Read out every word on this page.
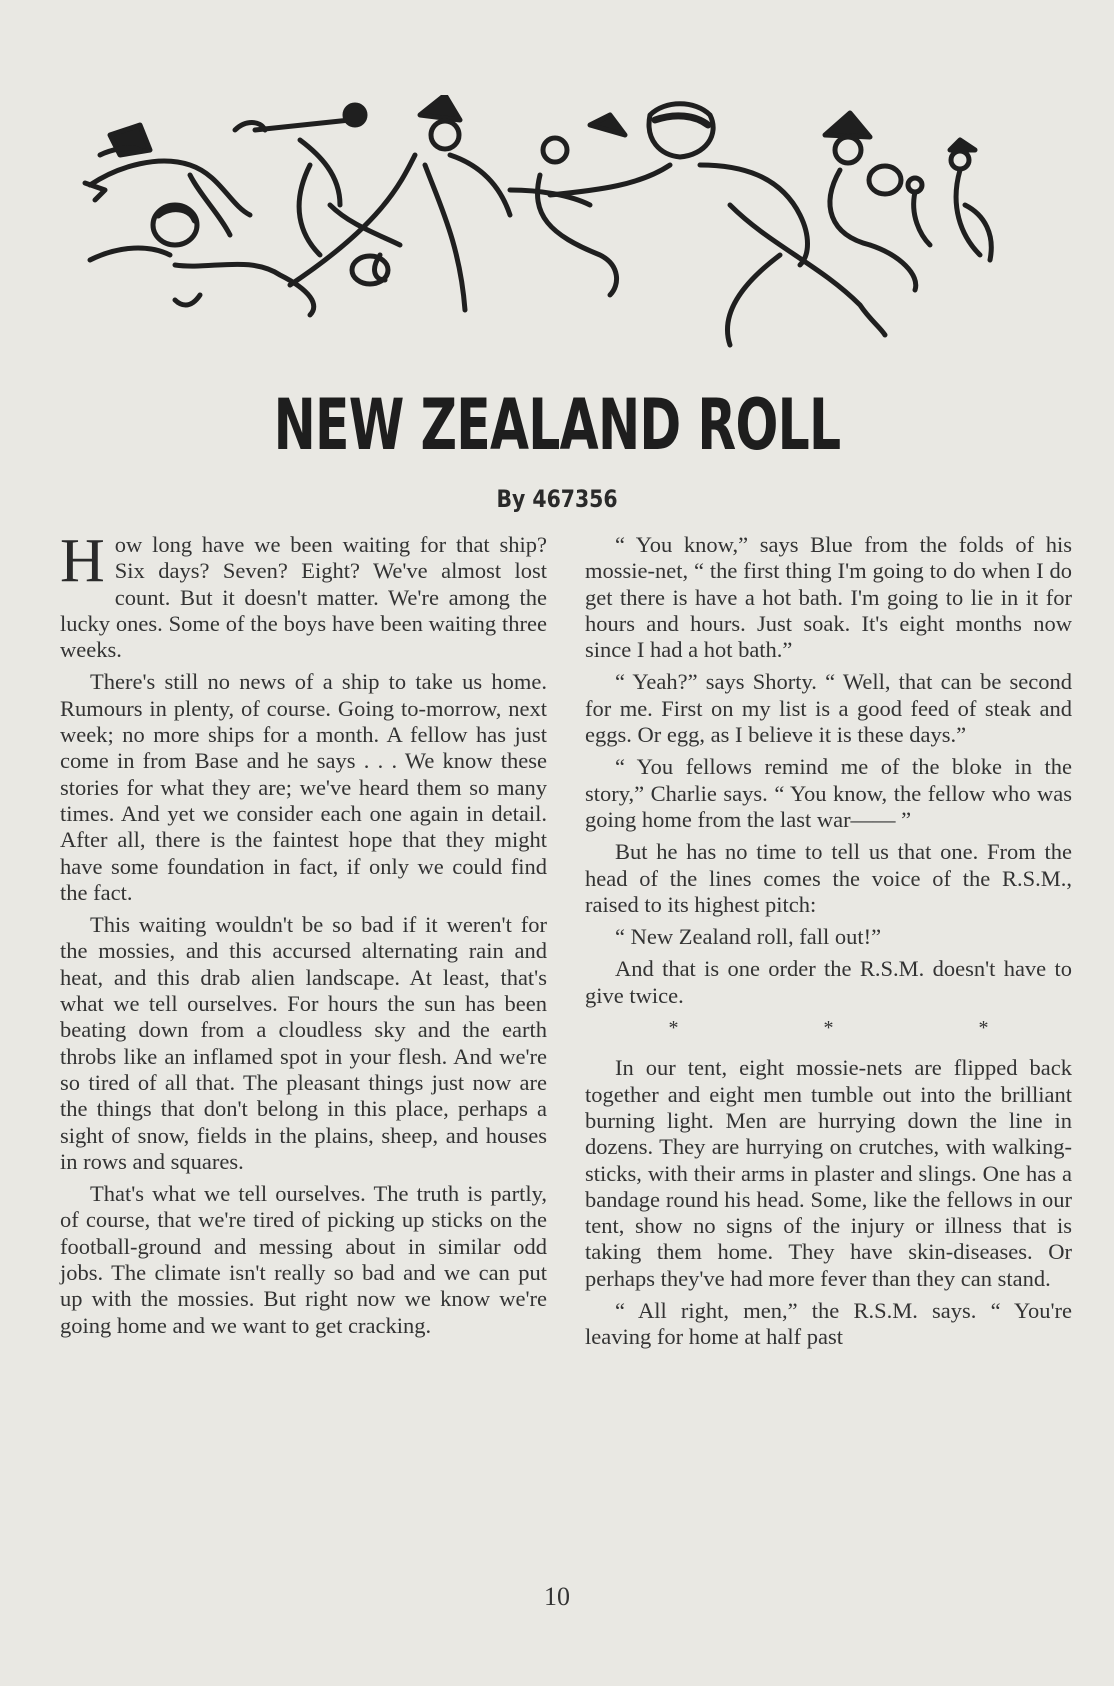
NEW ZEALAND ROLL
By 467356

How long have we been waiting for that ship? Six days? Seven? Eight? We've almost lost count. But it doesn't matter. We're among the lucky ones. Some of the boys have been waiting three weeks.

There's still no news of a ship to take us home. Rumours in plenty, of course. Going to-morrow, next week; no more ships for a month. A fellow has just come in from Base and he says . . . We know these stories for what they are; we've heard them so many times. And yet we consider each one again in detail. After all, there is the faintest hope that they might have some foundation in fact, if only we could find the fact.

This waiting wouldn't be so bad if it weren't for the mossies, and this accursed alternating rain and heat, and this drab alien landscape. At least, that's what we tell ourselves. For hours the sun has been beating down from a cloudless sky and the earth throbs like an inflamed spot in your flesh. And we're so tired of all that. The pleasant things just now are the things that don't belong in this place, perhaps a sight of snow, fields in the plains, sheep, and houses in rows and squares.

That's what we tell ourselves. The truth is partly, of course, that we're tired of picking up sticks on the football-ground and messing about in similar odd jobs. The climate isn't really so bad and we can put up with the mossies. But right now we know we're going home and we want to get cracking.

“ You know,” says Blue from the folds of his mossie-net, “ the first thing I'm going to do when I do get there is have a hot bath. I'm going to lie in it for hours and hours. Just soak. It's eight months now since I had a hot bath.”

“ Yeah?” says Shorty. “ Well, that can be second for me. First on my list is a good feed of steak and eggs. Or egg, as I believe it is these days.”

“ You fellows remind me of the bloke in the story,” Charlie says. “ You know, the fellow who was going home from the last war—— ”

But he has no time to tell us that one. From the head of the lines comes the voice of the R.S.M., raised to its highest pitch:

“ New Zealand roll, fall out!”

And that is one order the R.S.M. doesn't have to give twice.

* * *

In our tent, eight mossie-nets are flipped back together and eight men tumble out into the brilliant burning light. Men are hurrying down the line in dozens. They are hurrying on crutches, with walking-sticks, with their arms in plaster and slings. One has a bandage round his head. Some, like the fellows in our tent, show no signs of the injury or illness that is taking them home. They have skin-diseases. Or perhaps they've had more fever than they can stand.

“ All right, men,” the R.S.M. says. “ You're leaving for home at half past

10
